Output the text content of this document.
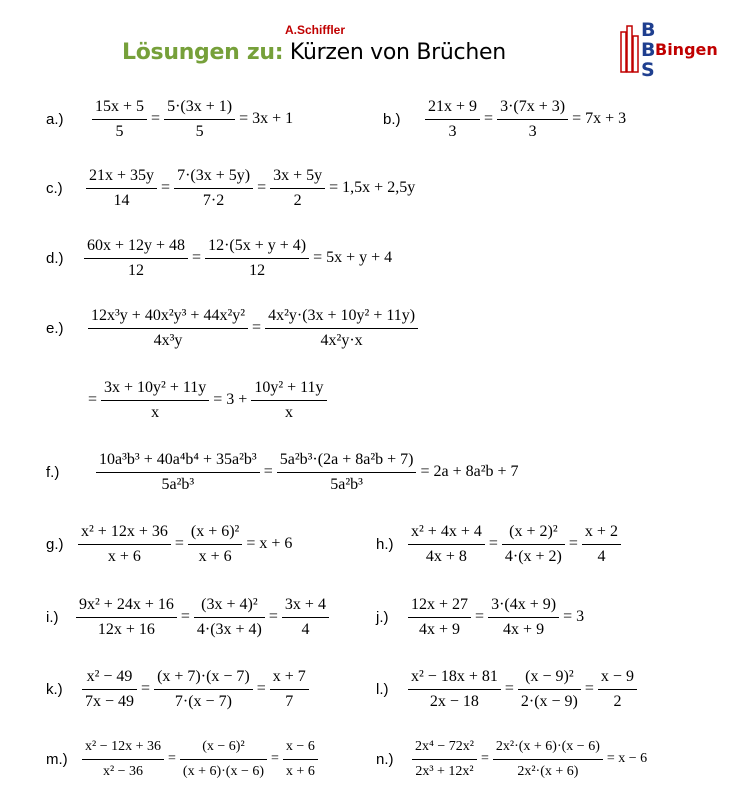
A.Schiffler
Lösungen zu: Kürzen von Brüchen
B
B
S
Bingen
a.)	$\frac{15x + 5}{5} = \frac{5\cdot(3x + 1)}{5} = 3x + 1$	b.)	$\frac{21x + 9}{3} = \frac{3\cdot(7x + 3)}{3} = 7x + 3$
c.)	$\frac{21x + 35y}{14} = \frac{7\cdot(3x + 5y)}{7\cdot 2} = \frac{3x + 5y}{2} = 1,5x + 2,5y$
d.)	$\frac{60x + 12y + 48}{12} = \frac{12\cdot(5x + y + 4)}{12} = 5x + y + 4$
e.)	$\frac{\text{12x³y + 40x²y³ + 44x²y²}}{\text{4x³y}} = \frac{\text{4x²y·(3x + 10y² + 11y)}}{\text{4x²y·x}}$
= $\frac{\text{3x + 10y² + 11y}}{x} = 3 + \frac{\text{10y² + 11y}}{x}$
f.)	$\frac{\text{10a³b³ + 40a⁴b⁴ + 35a²b³}}{\text{5a²b³}} = \frac{\text{5a²b³·(2a + 8a²b + 7)}}{\text{5a²b³}} = 2a + 8a^2b + 7$
$g.) \frac{\text{x² + 12x + 36}}{x + 6} = \frac{\text{(x + 6)²}}{x + 6} = x + 6$	$h.) \frac{\text{x² + 4x + 4}}{4x + 8} = \frac{\text{(x + 2)²}}{4\cdot(x + 2)} = \frac{x + 2}{4}$
i.)	$\frac{\text{9x² + 24x + 16}}{12x + 16} = \frac{\text{(3x + 4)²}}{4\cdot(3x + 4)} = \frac{3x + 4}{4}$	j.)	$\frac{12x + 27}{4x + 9} = \frac{3\cdot(4x + 9)}{4x + 9} = 3$
k.)	$\frac{\text{x² − 49}}{7x - 49} = \frac{(x + 7)\cdot(x - 7)}{7\cdot(x - 7)} = \frac{x + 7}{7}$	l.)	$\frac{\text{x² − 18x + 81}}{2x - 18} = \frac{\text{(x − 9)²}}{2\cdot(x - 9)} = \frac{x - 9}{2}$
m.)	$\frac{\text{x² − 12x + 36}}{\text{x² − 36}} = \frac{\text{(x − 6)²}}{(x + 6)\cdot(x - 6)} = \frac{x - 6}{x + 6}$	n.)	$\frac{\text{2x⁴ − 72x²}}{\text{2x³ + 12x²}} = \frac{\text{2x²·(x + 6)·(x − 6)}}{\text{2x²·(x + 6)}} = x - 6$
